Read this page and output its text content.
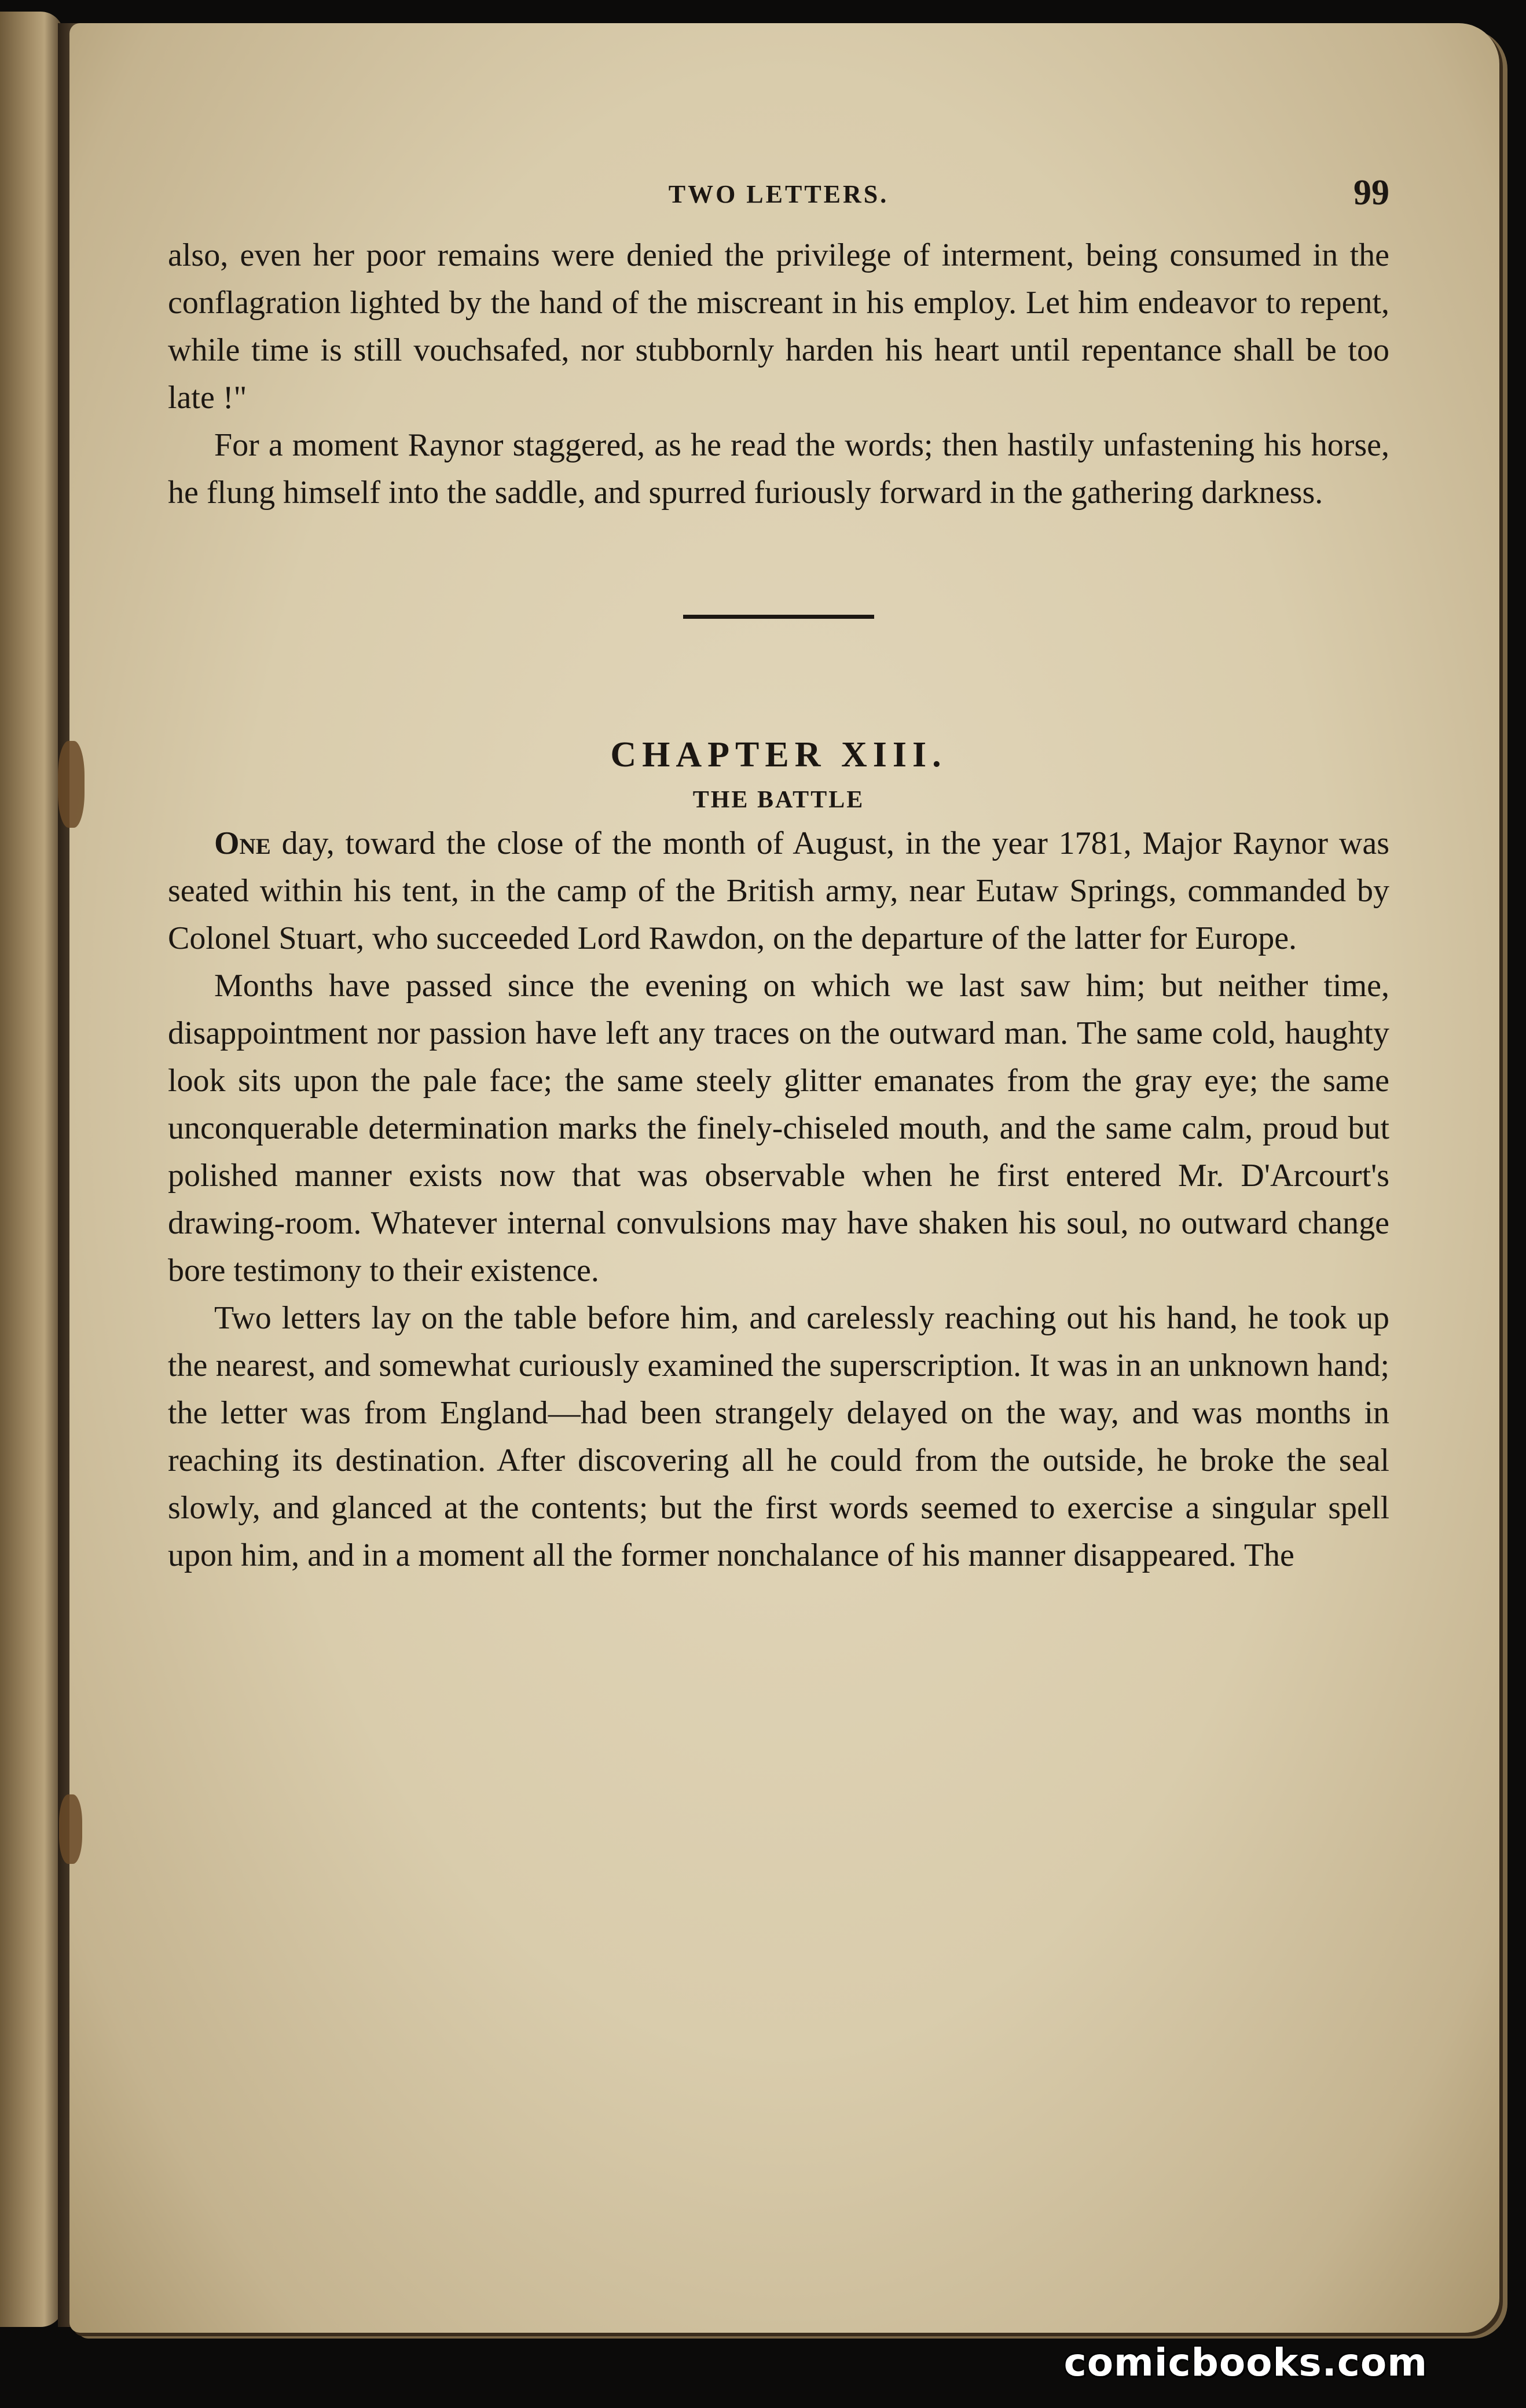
TWO LETTERS.	99

also, even her poor remains were denied the privilege of interment, being consumed in the conflagration lighted by the hand of the miscreant in his employ. Let him endeavor to repent, while time is still vouchsafed, nor stubbornly harden his heart until repentance shall be too late !"

For a moment Raynor staggered, as he read the words; then hastily unfastening his horse, he flung himself into the saddle, and spurred furiously forward in the gathering darkness.

CHAPTER XIII.
THE BATTLE

One day, toward the close of the month of August, in the year 1781, Major Raynor was seated within his tent, in the camp of the British army, near Eutaw Springs, commanded by Colonel Stuart, who succeeded Lord Rawdon, on the departure of the latter for Europe.

Months have passed since the evening on which we last saw him; but neither time, disappointment nor passion have left any traces on the outward man. The same cold, haughty look sits upon the pale face; the same steely glitter emanates from the gray eye; the same unconquerable determination marks the finely-chiseled mouth, and the same calm, proud but polished manner exists now that was observable when he first entered Mr. D'Arcourt's drawing-room. Whatever internal convulsions may have shaken his soul, no outward change bore testimony to their existence.

Two letters lay on the table before him, and carelessly reaching out his hand, he took up the nearest, and somewhat curiously examined the superscription. It was in an unknown hand; the letter was from England—had been strangely delayed on the way, and was months in reaching its destination. After discovering all he could from the outside, he broke the seal slowly, and glanced at the contents; but the first words seemed to exercise a singular spell upon him, and in a moment all the former nonchalance of his manner disappeared. The

comicbooks.com
